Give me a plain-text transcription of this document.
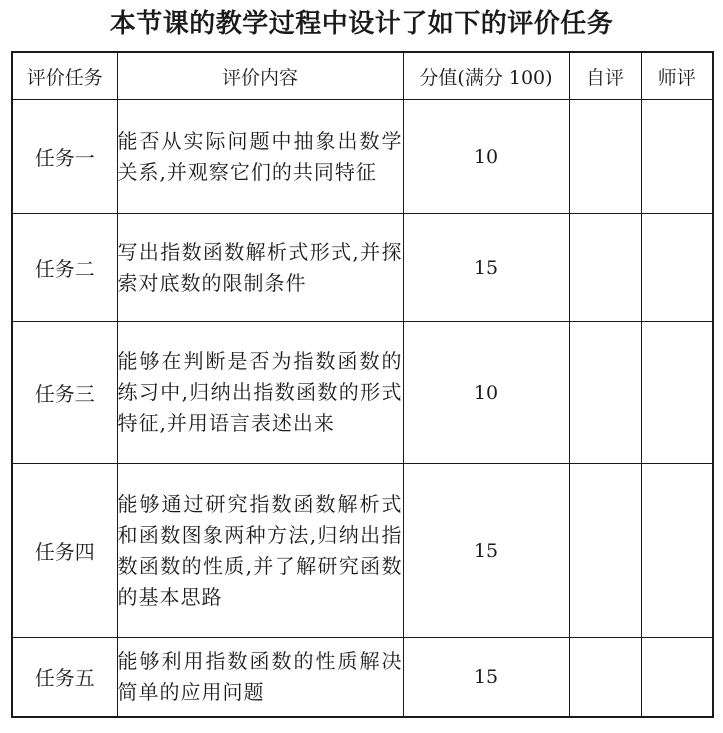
本节课的教学过程中设计了如下的评价任务
评价任务	评价内容	分值(满分 100)	自评	师评
任务一	能否从实际问题中抽象出数学关系,并观察它们的共同特征	10		
任务二	写出指数函数解析式形式,并探索对底数的限制条件	15		
任务三	能够在判断是否为指数函数的练习中,归纳出指数函数的形式特征,并用语言表述出来	10		
任务四	能够通过研究指数函数解析式和函数图象两种方法,归纳出指数函数的性质,并了解研究函数的基本思路	15		
任务五	能够利用指数函数的性质解决简单的应用问题	15		
